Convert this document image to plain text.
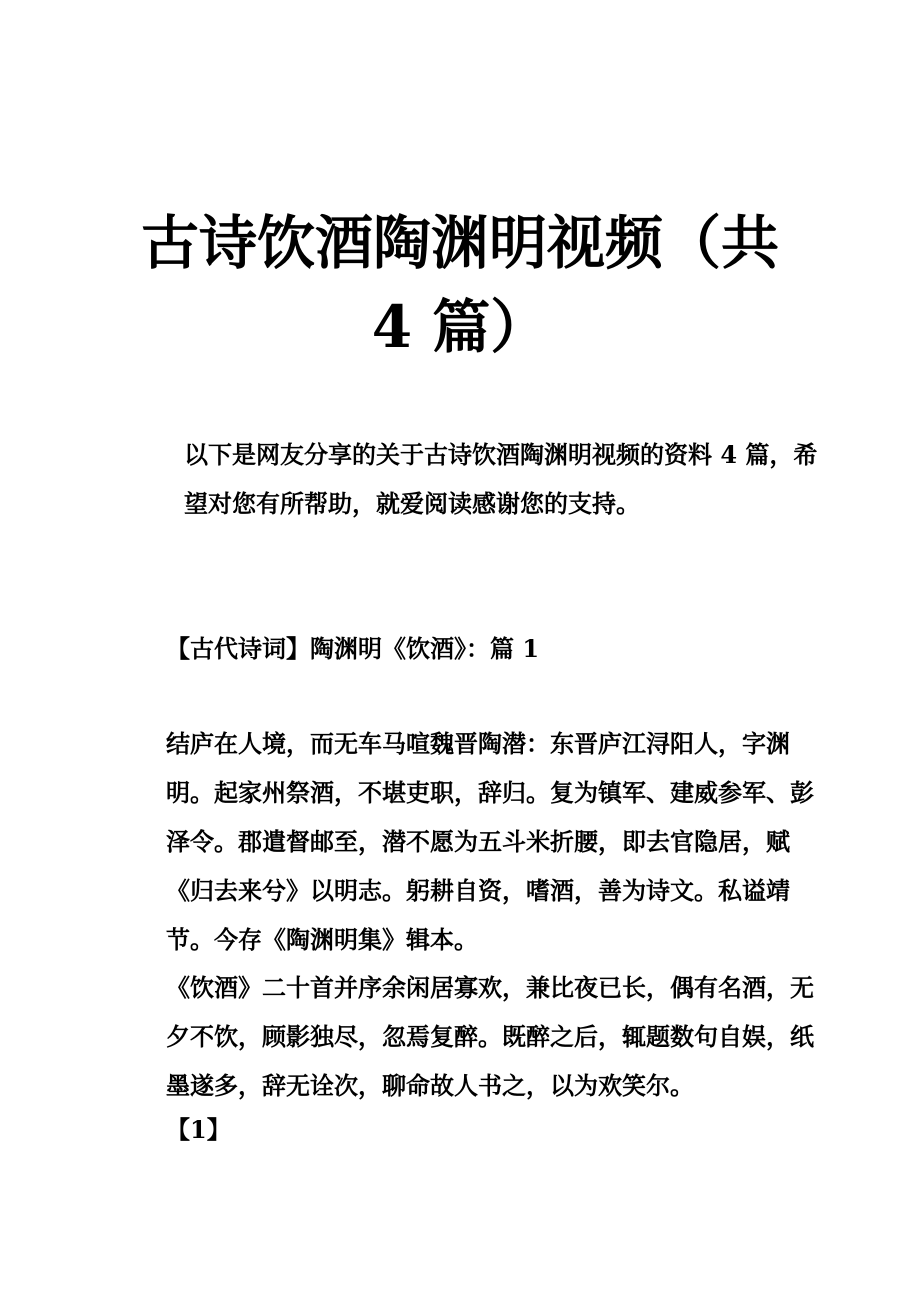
古诗饮酒陶渊明视频（共
4 篇）

以下是网友分享的关于古诗饮酒陶渊明视频的资料 4 篇，希望对您有所帮助，就爱阅读感谢您的支持。

【古代诗词】陶渊明《饮酒》：篇 1

结庐在人境，而无车马喧魏晋陶潜：东晋庐江浔阳人，字渊明。起家州祭酒，不堪吏职，辞归。复为镇军、建威参军、彭泽令。郡遣督邮至，潜不愿为五斗米折腰，即去官隐居，赋《归去来兮》以明志。躬耕自资，嗜酒，善为诗文。私谥靖节。今存《陶渊明集》辑本。

《饮酒》二十首并序余闲居寡欢，兼比夜已长，偶有名酒，无夕不饮，顾影独尽，忽焉复醉。既醉之后，辄题数句自娱，纸墨遂多，辞无诠次，聊命故人书之，以为欢笑尔。

【1】
